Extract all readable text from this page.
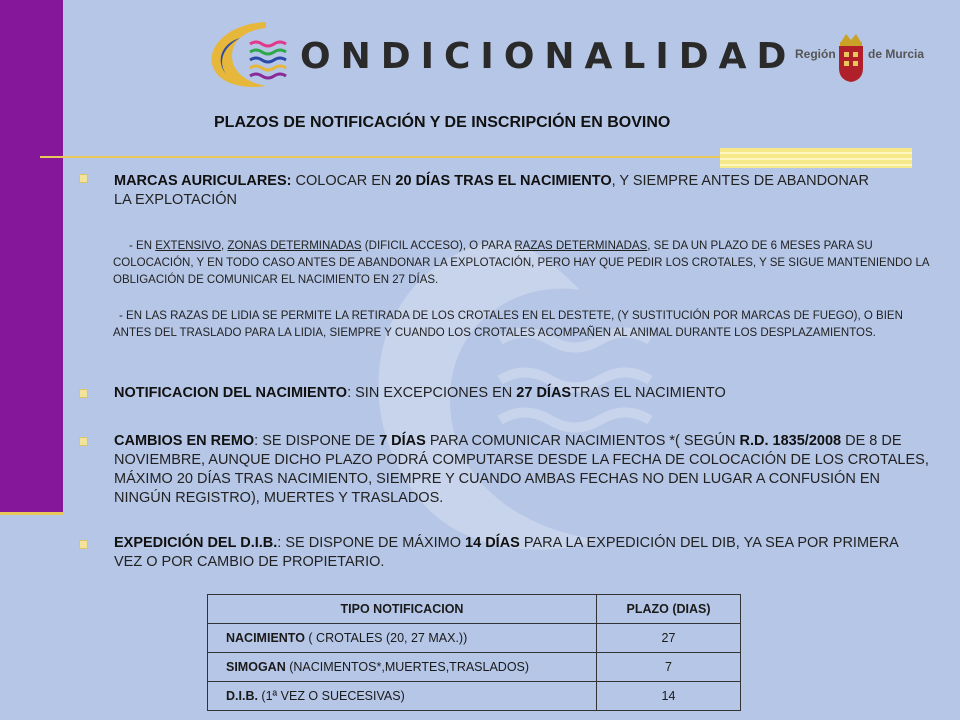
ONDICIONALIDAD
Región	de Murcia
PLAZOS DE NOTIFICACIÓN Y DE INSCRIPCIÓN EN BOVINO
MARCAS AURICULARES: COLOCAR EN 20 DÍAS TRAS EL NACIMIENTO, Y SIEMPRE ANTES DE ABANDONAR LA EXPLOTACIÓN
- EN EXTENSIVO, ZONAS DETERMINADAS (DIFICIL ACCESO), O PARA RAZAS DETERMINADAS, SE DA UN PLAZO DE 6 MESES PARA SU COLOCACIÓN, Y EN TODO CASO ANTES DE ABANDONAR LA EXPLOTACIÓN, PERO HAY QUE PEDIR LOS CROTALES, Y SE SIGUE MANTENIENDO LA OBLIGACIÓN DE COMUNICAR EL NACIMIENTO EN 27 DÍAS.
- EN LAS RAZAS DE LIDIA SE PERMITE LA RETIRADA DE LOS CROTALES EN EL DESTETE, (Y SUSTITUCIÓN POR MARCAS DE FUEGO), O BIEN ANTES DEL TRASLADO PARA LA LIDIA, SIEMPRE Y CUANDO LOS CROTALES ACOMPAÑEN AL ANIMAL DURANTE LOS DESPLAZAMIENTOS.
NOTIFICACION DEL NACIMIENTO: SIN EXCEPCIONES EN 27 DÍASTRAS EL NACIMIENTO
CAMBIOS EN REMO: SE DISPONE DE 7 DÍAS PARA COMUNICAR NACIMIENTOS *( SEGÚN R.D. 1835/2008 DE 8 DE NOVIEMBRE, AUNQUE DICHO PLAZO PODRÁ COMPUTARSE DESDE LA FECHA DE COLOCACIÓN DE LOS CROTALES, MÁXIMO 20 DÍAS TRAS NACIMIENTO, SIEMPRE Y CUANDO AMBAS FECHAS NO DEN LUGAR A CONFUSIÓN EN NINGÚN REGISTRO), MUERTES Y TRASLADOS.
EXPEDICIÓN DEL D.I.B.: SE DISPONE DE MÁXIMO 14 DÍAS PARA LA EXPEDICIÓN DEL DIB, YA SEA POR PRIMERA VEZ O POR CAMBIO DE PROPIETARIO.
TIPO NOTIFICACION	PLAZO (DIAS)
NACIMIENTO ( CROTALES (20, 27 MAX.))	27
SIMOGAN (NACIMENTOS*,MUERTES,TRASLADOS)	7
D.I.B. (1ª VEZ O SUECESIVAS)	14
